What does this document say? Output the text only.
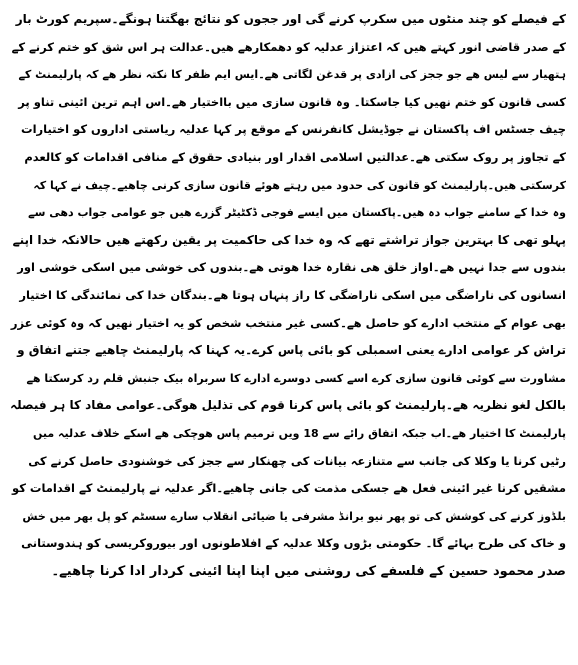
کے فیصلے کو چند منٹوں میں سکرپ کرنے گی اور ججوں کو نتائج بھگتنا ہونگے۔سپریم کورٹ بار
کے صدر قاضی انور کہتے ھیں کہ اعتزاز عدلیہ کو دھمکارھے ھیں۔عدالت ہر اس شق کو ختم کرنے کے
ہتھیار سے لیس ھے جو ججز کی ازادی پر قدغن لگاتی ھے۔ایس ایم ظفر کا نکتہ نظر ھے کہ پارلیمنٹ کے
کسی قانون کو ختم نھیں کیا جاسکتا۔ وہ قانون سازی میں بااختیار ھے۔اس اہم ترین ائینی تناو پر
چیف جسٹس اف پاکستان نے جوڈیشل کانفرنس کے موقع پر کہا عدلیہ ریاستی اداروں کو اختیارات
کے تجاوز پر روک سکتی ھے۔عدالتیں اسلامی اقدار اور بنیادی حقوق کے منافی اقدامات کو کالعدم
کرسکتی ھیں۔پارلیمنٹ کو قانون کی حدود میں رہتے ھوئے قانون سازی کرنی چاھیے۔چیف نے کہا کہ
وہ خدا کے سامنے جواب دہ ھیں۔پاکستان میں ایسے فوجی ڈکٹیٹر گزرے ھیں جو عوامی جواب دھی سے
پہلو تھی کا بہترین جواز تراشتے تھے کہ وہ خدا کی حاکمیت پر یقین رکھتے ھیں حالانکہ خدا اپنے
بندوں سے جدا نہیں ھے۔اواز خلق ھی نقارہ خدا ھوتی ھے۔بندوں کی خوشی میں اسکی خوشی اور
انسانوں کی ناراضگی میں اسکی ناراضگی کا راز پنہاں ہوتا ھے۔بندگان خدا کی نمائندگی کا اختیار
بھی عوام کے منتخب ادارے کو حاصل ھے۔کسی غیر منتخب شخص کو یہ اختیار نھیں کہ وہ کوئی عزر
تراش کر عوامی ادارے یعنی اسمبلی کو بائی پاس کرے۔یہ کہنا کہ پارلیمنٹ چاھیے جتنے اتفاق و
مشاورت سے کوئی قانون سازی کرے اسے کسی دوسرے ادارے کا سربراہ بیک جنبش قلم رد کرسکتا ھے
بالکل لغو نظریہ ھے۔پارلیمنٹ کو بائی پاس کرنا قوم کی تذلیل ھوگی۔عوامی مفاد کا ہر فیصلہ
پارلیمنٹ کا اختیار ھے۔اب جبکہ اتفاق رائے سے 18 ویں ترمیم پاس ھوچکی ھے اسکے خلاف عدلیہ میں
رٹیں کرنا یا وکلا کی جانب سے متنازعہ بیانات کی چھنکار سے ججز کی خوشنودی حاصل کرنے کی
مشقیں کرنا غیر ائینی فعل ھے جسکی مذمت کی جانی چاھیے۔اگر عدلیہ نے پارلیمنٹ کے اقدامات کو
بلڈوز کرنے کی کوشش کی تو پھر نیو برانڈ مشرفی یا ضیائی انقلاب سارے سسٹم کو پل بھر میں خش
و خاک کی طرح بہائے گا۔ حکومتی بڑوں وکلا عدلیہ کے افلاطونوں اور بیوروکریسی کو ہندوستانی
صدر محمود حسین کے فلسفے کی روشنی میں اپنا اپنا ائینی کردار ادا کرنا چاھیے۔
